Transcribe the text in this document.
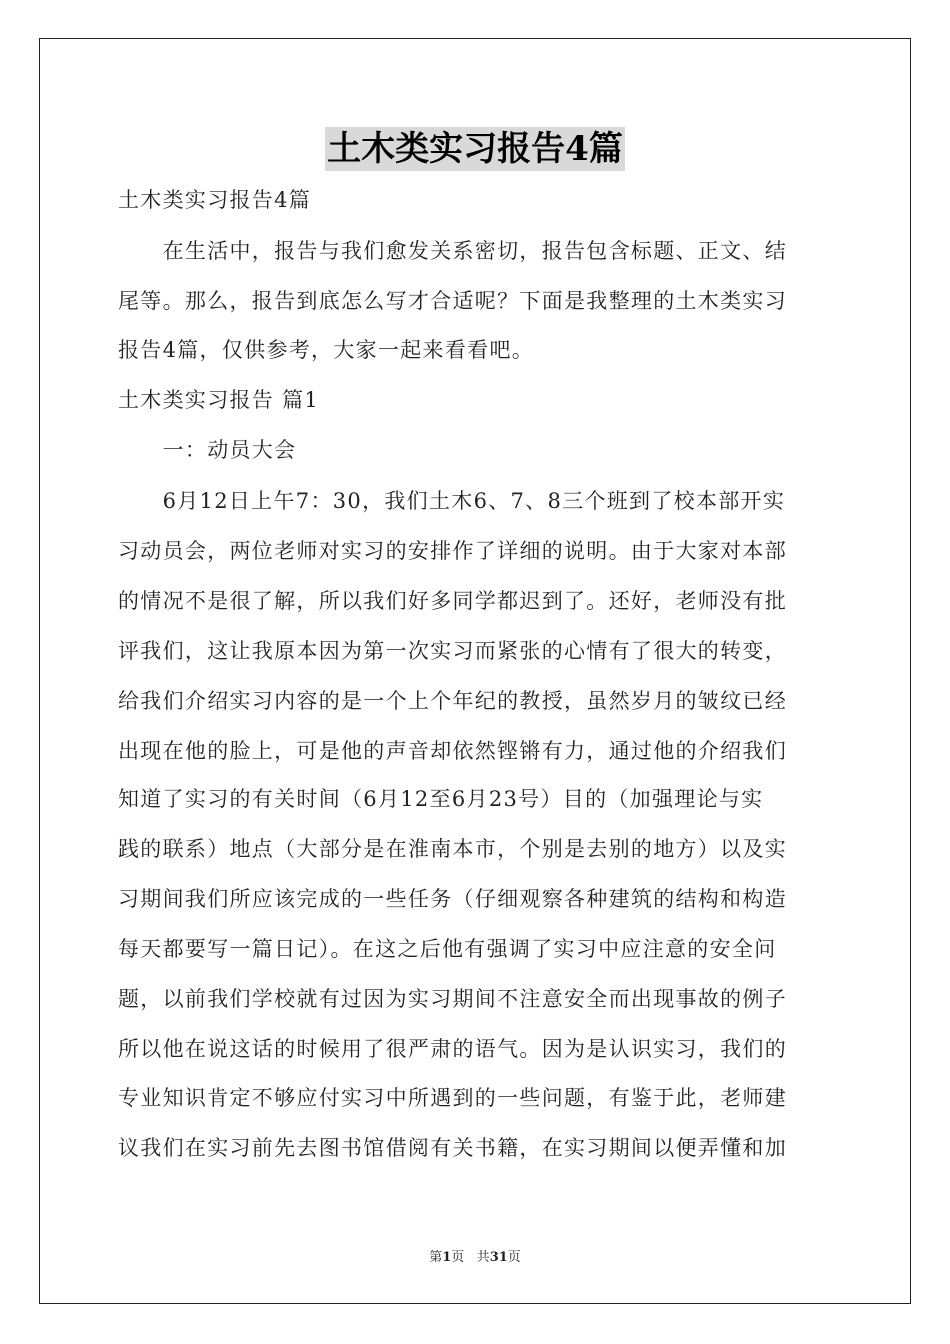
土木类实习报告4篇
土木类实习报告4篇
　　在生活中，报告与我们愈发关系密切，报告包含标题、正文、结
尾等。那么，报告到底怎么写才合适呢？下面是我整理的土木类实习
报告4篇，仅供参考，大家一起来看看吧。
土木类实习报告 篇1
　　一：动员大会
　　6月12日上午7：30，我们土木6、7、8三个班到了校本部开实
习动员会，两位老师对实习的安排作了详细的说明。由于大家对本部
的情况不是很了解，所以我们好多同学都迟到了。还好，老师没有批
评我们，这让我原本因为第一次实习而紧张的心情有了很大的转变，
给我们介绍实习内容的是一个上个年纪的教授，虽然岁月的皱纹已经
出现在他的脸上，可是他的声音却依然铿锵有力，通过他的介绍我们
知道了实习的有关时间（6月12至6月23号）目的（加强理论与实
践的联系）地点（大部分是在淮南本市，个别是去别的地方）以及实
习期间我们所应该完成的一些任务（仔细观察各种建筑的结构和构造
每天都要写一篇日记）。在这之后他有强调了实习中应注意的安全问
题，以前我们学校就有过因为实习期间不注意安全而出现事故的例子
所以他在说这话的时候用了很严肃的语气。因为是认识实习，我们的
专业知识肯定不够应付实习中所遇到的一些问题，有鉴于此，老师建
议我们在实习前先去图书馆借阅有关书籍，在实习期间以便弄懂和加
第1页 共31页
